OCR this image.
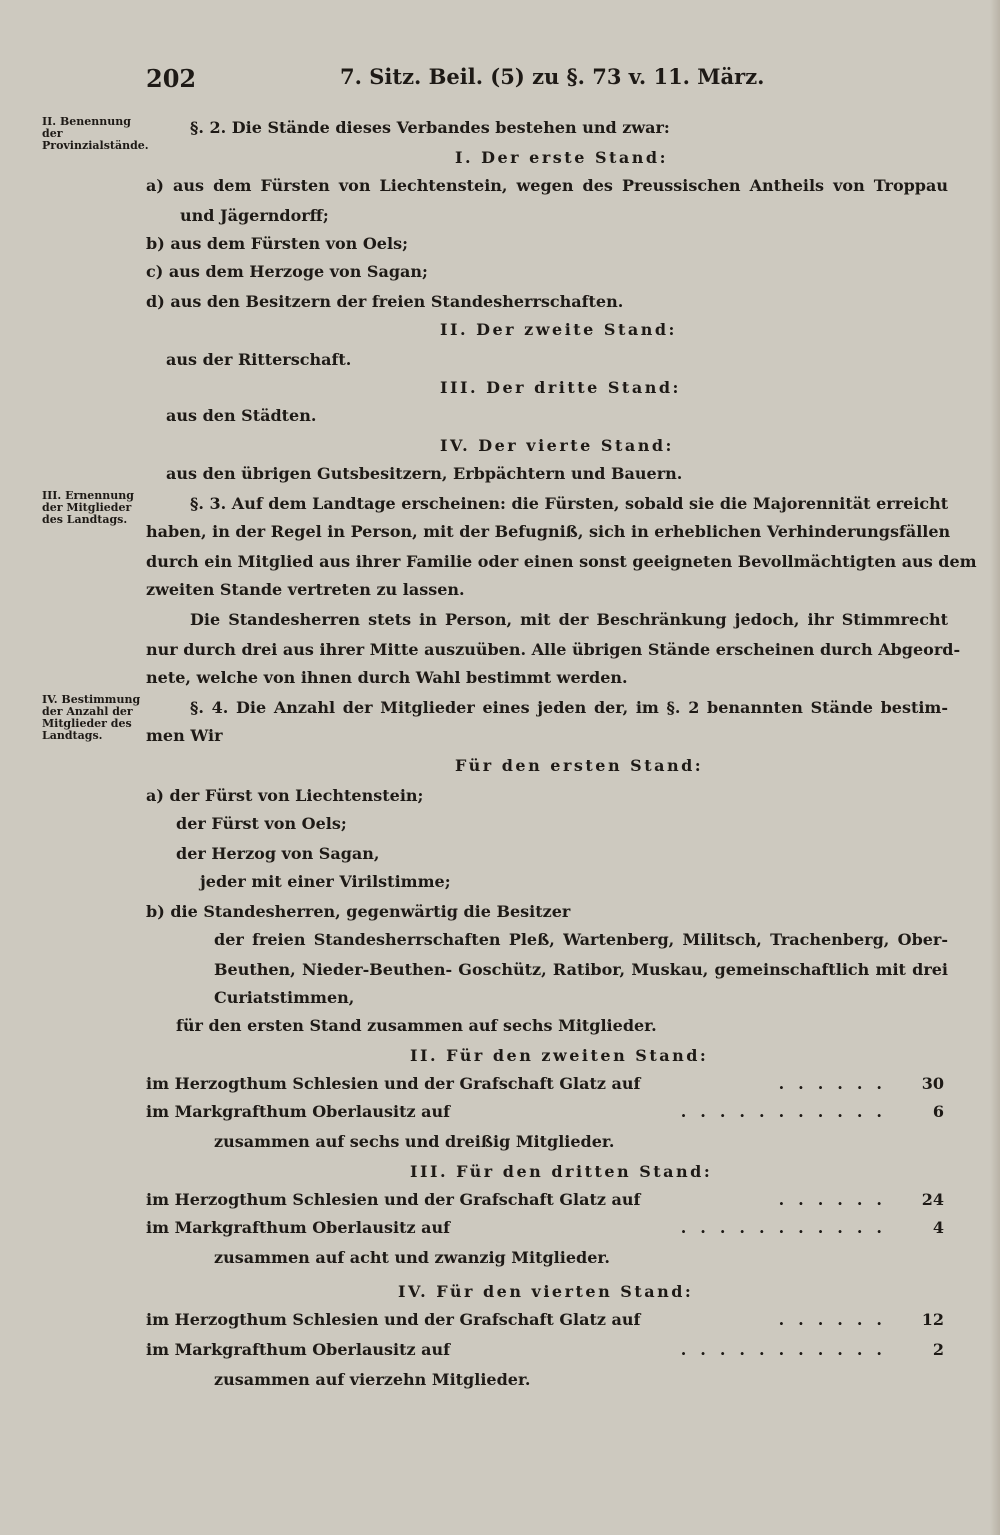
202	7. Sitz. Beil. (5) zu §. 73 v. 11. März.
II. Benennung der Provinzialstände.
III. Ernennung der Mitglieder des Landtags.
IV. Bestimmung der Anzahl der Mitglieder des Landtags.
§. 2. Die Stände dieses Verbandes bestehen und zwar:
I. Der erste Stand:
a) aus dem Fürsten von Liechtenstein, wegen des Preussischen Antheils von Troppau
und Jägerndorff;
b) aus dem Fürsten von Oels;
c) aus dem Herzoge von Sagan;
d) aus den Besitzern der freien Standesherrschaften.
II. Der zweite Stand:
aus der Ritterschaft.
III. Der dritte Stand:
aus den Städten.
IV. Der vierte Stand:
aus den übrigen Gutsbesitzern, Erbpächtern und Bauern.
§. 3. Auf dem Landtage erscheinen: die Fürsten, sobald sie die Majorennität erreicht
haben, in der Regel in Person, mit der Befugniß, sich in erheblichen Verhinderungsfällen
durch ein Mitglied aus ihrer Familie oder einen sonst geeigneten Bevollmächtigten aus dem
zweiten Stande vertreten zu lassen.
Die Standesherren stets in Person, mit der Beschränkung jedoch, ihr Stimmrecht
nur durch drei aus ihrer Mitte auszuüben. Alle übrigen Stände erscheinen durch Abgeord-
nete, welche von ihnen durch Wahl bestimmt werden.
§. 4. Die Anzahl der Mitglieder eines jeden der, im §. 2 benannten Stände bestim-
men Wir
Für den ersten Stand:
a) der Fürst von Liechtenstein;
der Fürst von Oels;
der Herzog von Sagan,
jeder mit einer Virilstimme;
b) die Standesherren, gegenwärtig die Besitzer
der freien Standesherrschaften Pleß, Wartenberg, Militsch, Trachenberg, Ober-
Beuthen, Nieder-Beuthen- Goschütz, Ratibor, Muskau, gemeinschaftlich mit drei
Curiatstimmen,
für den ersten Stand zusammen auf sechs Mitglieder.
II. Für den zweiten Stand:
im Herzogthum Schlesien und der Grafschaft Glatz auf	......	30
im Markgrafthum Oberlausitz auf	...........	6
zusammen auf sechs und dreißig Mitglieder.
III. Für den dritten Stand:
im Herzogthum Schlesien und der Grafschaft Glatz auf	......	24
im Markgrafthum Oberlausitz auf	...........	4
zusammen auf acht und zwanzig Mitglieder.
IV. Für den vierten Stand:
im Herzogthum Schlesien und der Grafschaft Glatz auf	......	12
im Markgrafthum Oberlausitz auf	...........	2
zusammen auf vierzehn Mitglieder.
